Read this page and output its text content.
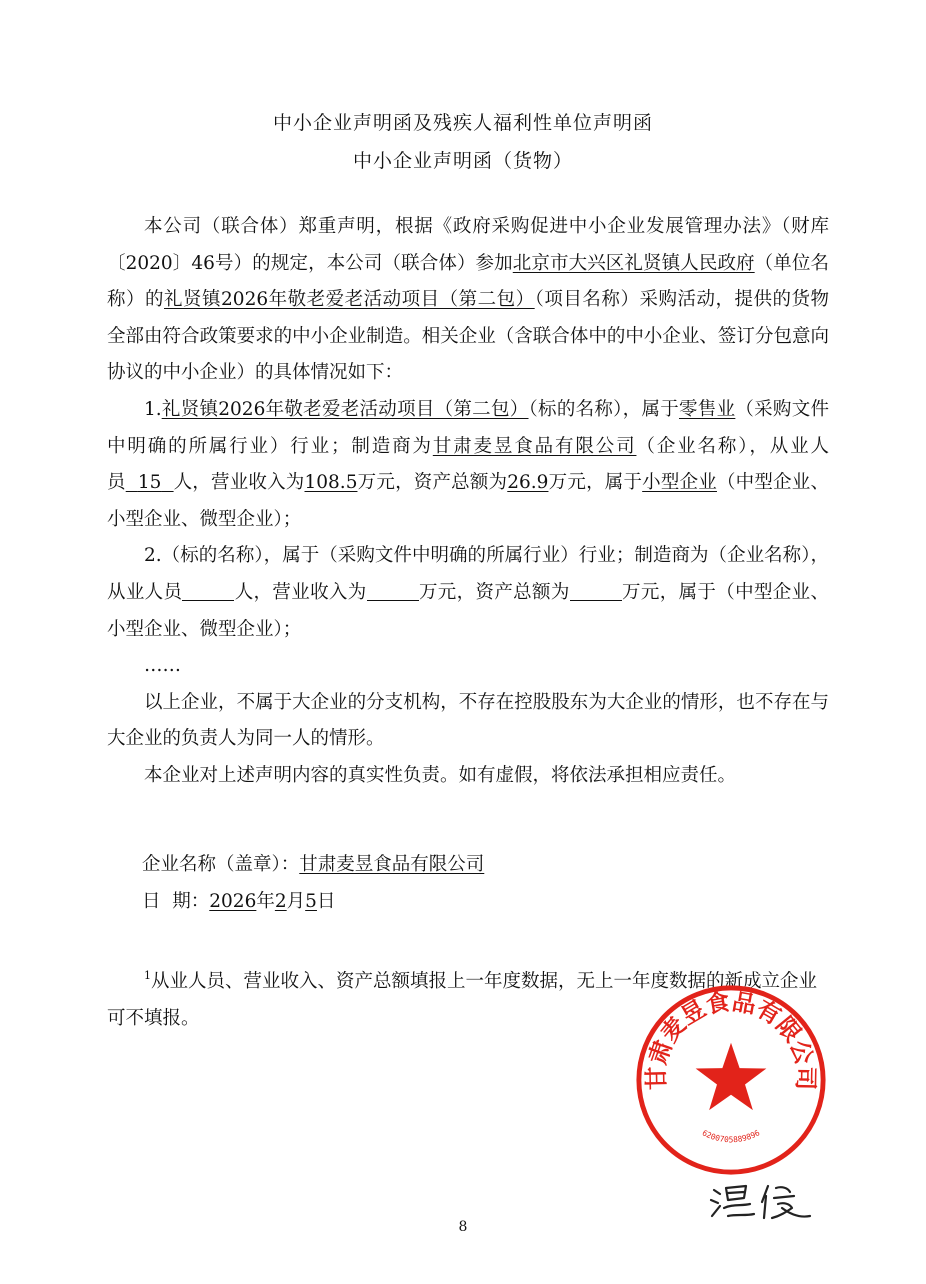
中小企业声明函及残疾人福利性单位声明函
中小企业声明函（货物）

本公司（联合体）郑重声明，根据《政府采购促进中小企业发展管理办法》（财库〔2020〕46号）的规定，本公司（联合体）参加北京市大兴区礼贤镇人民政府（单位名称）的礼贤镇2026年敬老爱老活动项目（第二包）（项目名称）采购活动，提供的货物全部由符合政策要求的中小企业制造。相关企业（含联合体中的中小企业、签订分包意向协议的中小企业）的具体情况如下：

1.礼贤镇2026年敬老爱老活动项目（第二包）（标的名称），属于零售业（采购文件中明确的所属行业）行业；制造商为甘肃麦昱食品有限公司（企业名称），从业人员 15 人，营业收入为108.5万元，资产总额为26.9万元，属于小型企业（中型企业、小型企业、微型企业）；

2.（标的名称），属于（采购文件中明确的所属行业）行业；制造商为（企业名称），从业人员	人，营业收入为	万元，资产总额为	万元，属于（中型企业、小型企业、微型企业）；

……

以上企业，不属于大企业的分支机构，不存在控股股东为大企业的情形，也不存在与大企业的负责人为同一人的情形。

本企业对上述声明内容的真实性负责。如有虚假，将依法承担相应责任。

企业名称（盖章）：甘肃麦昱食品有限公司
日  期：2026年2月5日
$^1$从业人员、营业收入、资产总额填报上一年度数据，无上一年度数据的新成立企业可不填报。
甘肃麦昱食品有限公司
6200705889896
8
